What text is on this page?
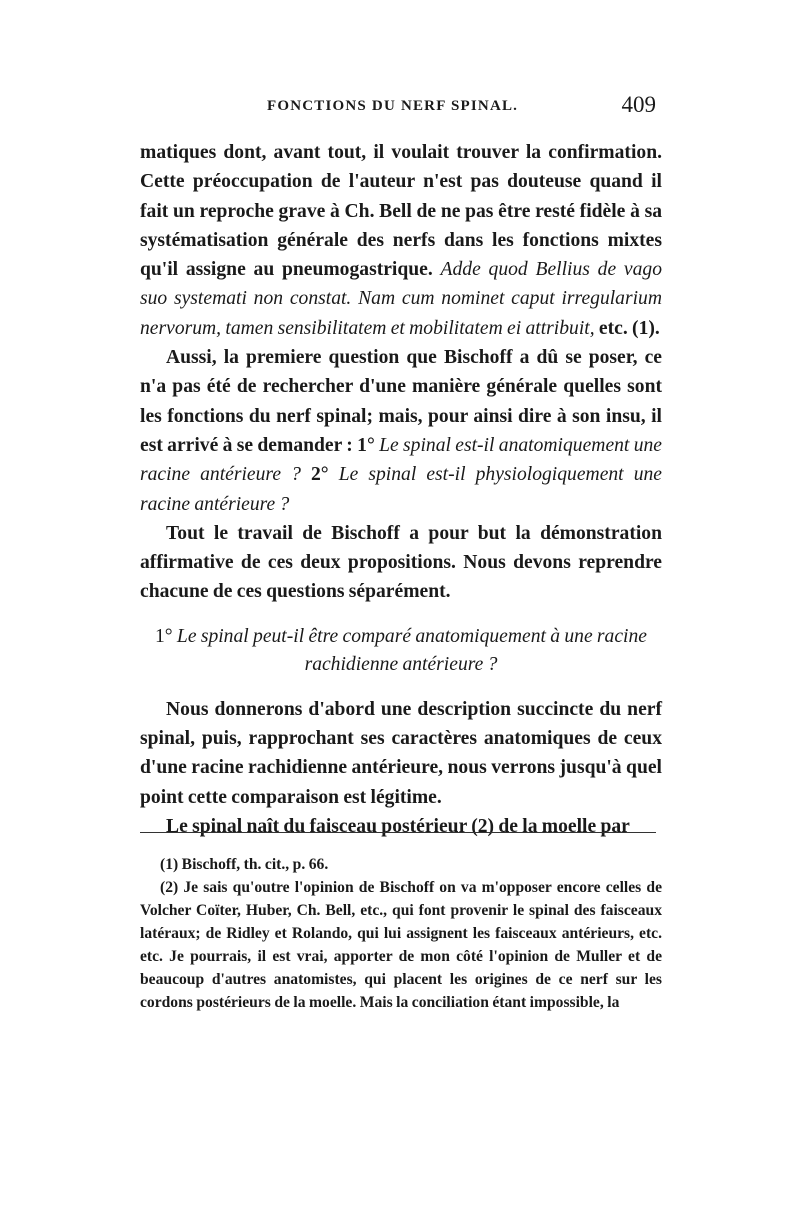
FONCTIONS DU NERF SPINAL.	409

matiques dont, avant tout, il voulait trouver la confirmation. Cette préoccupation de l'auteur n'est pas douteuse quand il fait un reproche grave à Ch. Bell de ne pas être resté fidèle à sa systématisation générale des nerfs dans les fonctions mixtes qu'il assigne au pneumogastrique. Adde quod Bellius de vago suo systemati non constat. Nam cum nominet caput irregularium nervorum, tamen sensibilitatem et mobilitatem ei attribuit, etc. (1).

Aussi, la premiere question que Bischoff a dû se poser, ce n'a pas été de rechercher d'une manière générale quelles sont les fonctions du nerf spinal; mais, pour ainsi dire à son insu, il est arrivé à se demander : 1° Le spinal est-il anatomiquement une racine antérieure ? 2° Le spinal est-il physiologiquement une racine antérieure ?

Tout le travail de Bischoff a pour but la démonstration affirmative de ces deux propositions. Nous devons reprendre chacune de ces questions séparément.

1° Le spinal peut-il être comparé anatomiquement à une racine rachidienne antérieure ?

Nous donnerons d'abord une description succincte du nerf spinal, puis, rapprochant ses caractères anatomiques de ceux d'une racine rachidienne antérieure, nous verrons jusqu'à quel point cette comparaison est légitime.

Le spinal naît du faisceau postérieur (2) de la moelle par

(1) Bischoff, th. cit., p. 66.

(2) Je sais qu'outre l'opinion de Bischoff on va m'opposer encore celles de Volcher Coïter, Huber, Ch. Bell, etc., qui font provenir le spinal des faisceaux latéraux; de Ridley et Rolando, qui lui assignent les faisceaux antérieurs, etc. etc. Je pourrais, il est vrai, apporter de mon côté l'opinion de Muller et de beaucoup d'autres anatomistes, qui placent les origines de ce nerf sur les cordons postérieurs de la moelle. Mais la conciliation étant impossible, la
